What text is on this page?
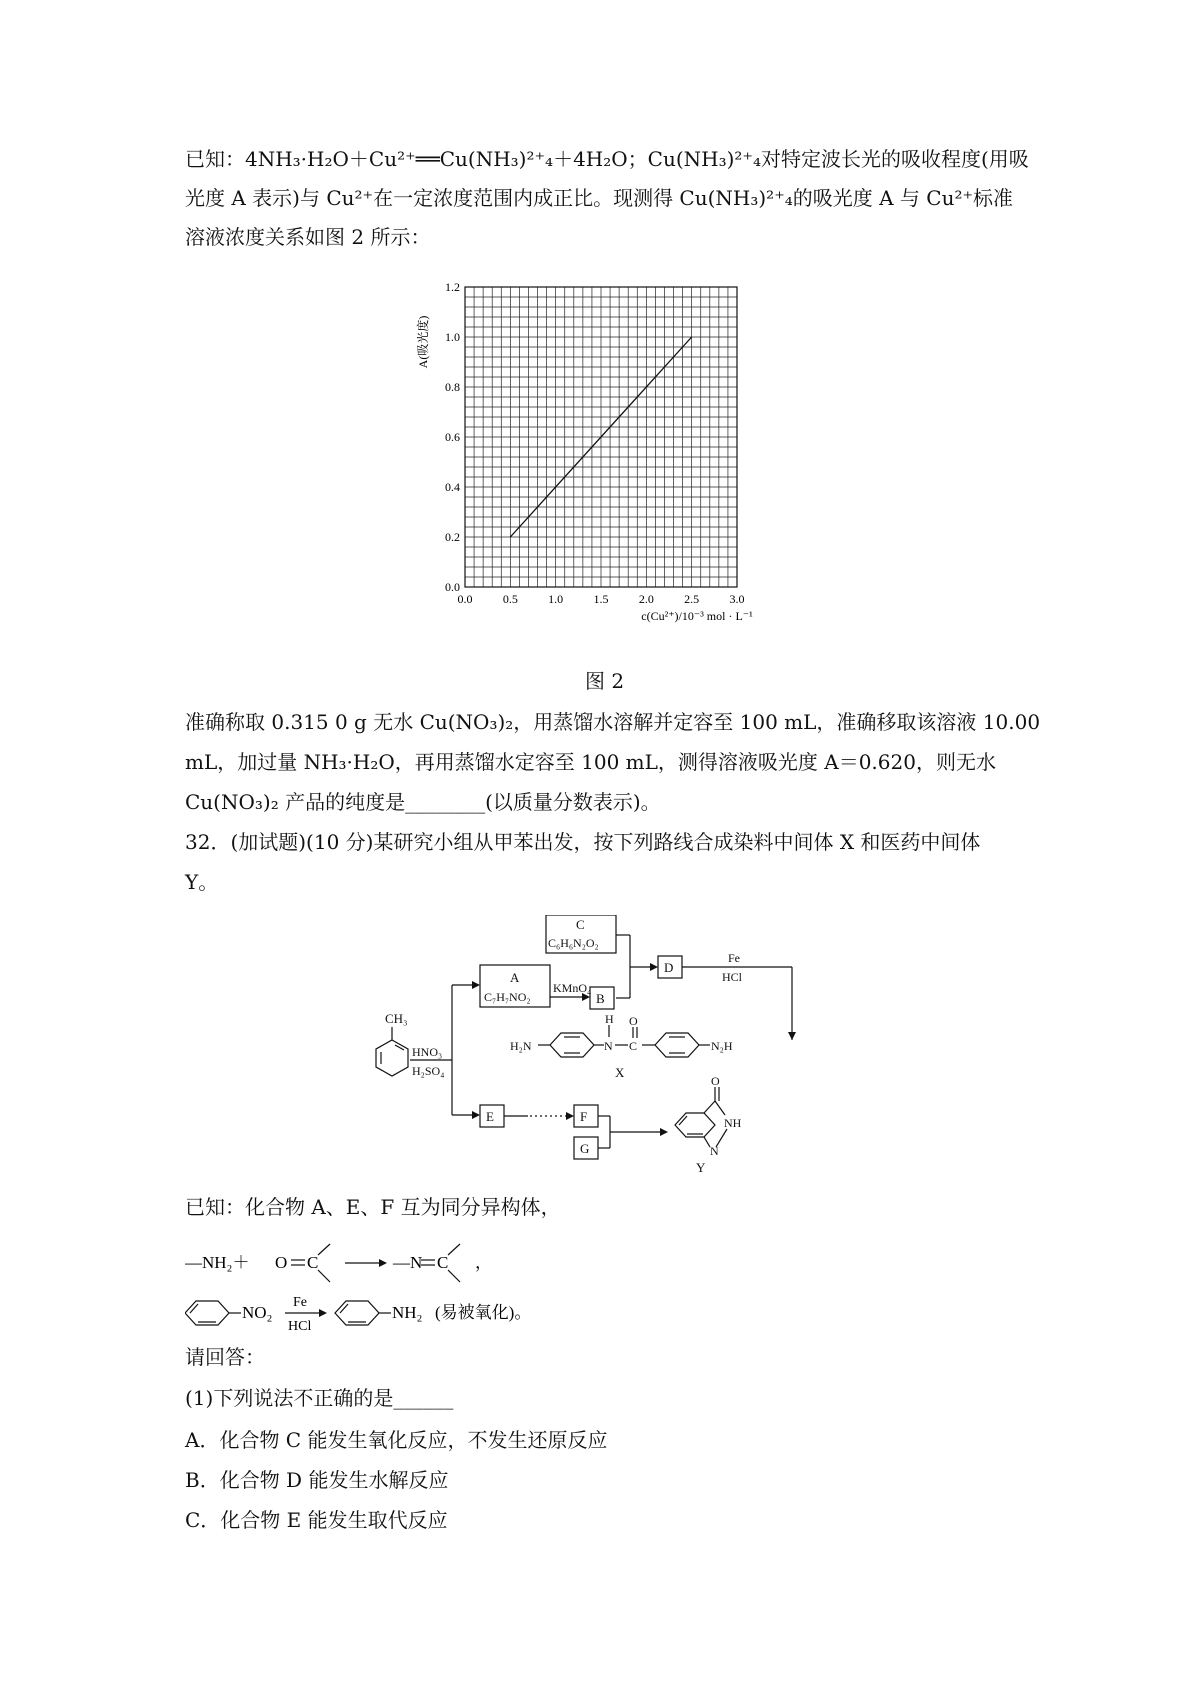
已知：4NH₃·H₂O＋Cu²⁺══Cu(NH₃)²⁺₄＋4H₂O；Cu(NH₃)²⁺₄对特定波长光的吸收程度(用吸
光度 A 表示)与 Cu²⁺在一定浓度范围内成正比。现测得 Cu(NH₃)²⁺₄的吸光度 A 与 Cu²⁺标准
溶液浓度关系如图 2 所示：
0.0
0.2
0.4
0.6
0.8
1.0
1.2
0.0	0.5	1.0	1.5	2.0	2.5	3.0
A(吸光度)
c(Cu²⁺)/10⁻³ mol · L⁻¹
图 2
准确称取 0.315 0 g 无水 Cu(NO₃)₂，用蒸馏水溶解并定容至 100 mL，准确移取该溶液 10.00
mL，加过量 NH₃·H₂O，再用蒸馏水定容至 100 mL，测得溶液吸光度 A＝0.620，则无水
Cu(NO₃)₂ 产品的纯度是________(以质量分数表示)。
32．(加试题)(10 分)某研究小组从甲苯出发，按下列路线合成染料中间体 X 和医药中间体
Y。
CH₃
HNO₃
H₂SO₄
A
C₇H₇NO₂
KMnO₄
B
C
C₆H₆N₂O₂
D
Fe
HCl
H₂N
H
N C
O
N₂H
X
E	F
G
O
NH
N
Y
已知：化合物 A、E、F 互为同分异构体，
—NH₂＋ O C	—N C ，
NO₂
Fe
HCl
NH₂ (易被氧化)。
请回答：
(1)下列说法不正确的是______
A．化合物 C 能发生氧化反应，不发生还原反应
B．化合物 D 能发生水解反应
C．化合物 E 能发生取代反应
